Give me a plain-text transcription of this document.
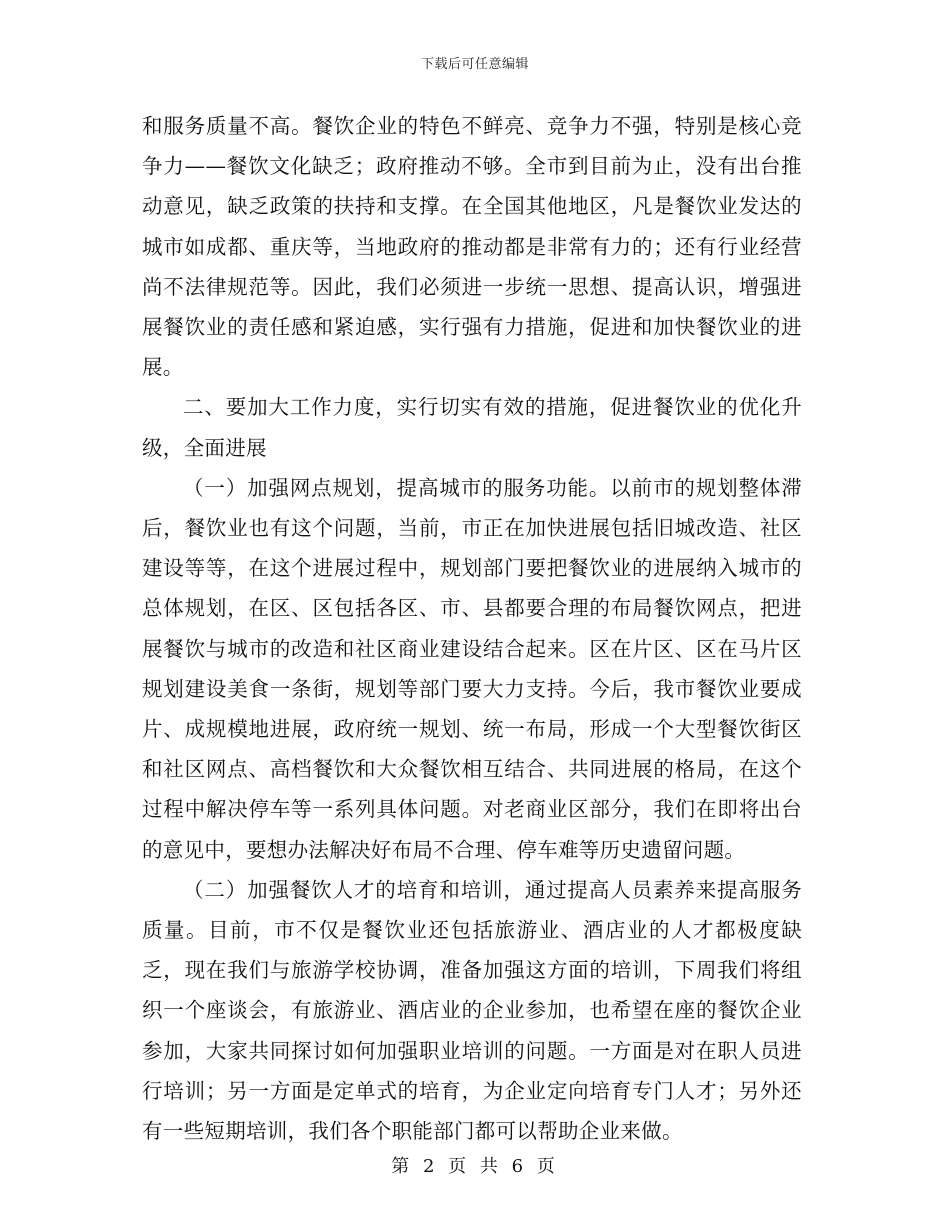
下载后可任意编辑

和服务质量不高。餐饮企业的特色不鲜亮、竞争力不强，特别是核心竞争力——餐饮文化缺乏；政府推动不够。全市到目前为止，没有出台推动意见，缺乏政策的扶持和支撑。在全国其他地区，凡是餐饮业发达的城市如成都、重庆等，当地政府的推动都是非常有力的；还有行业经营尚不法律规范等。因此，我们必须进一步统一思想、提高认识，增强进展餐饮业的责任感和紧迫感，实行强有力措施，促进和加快餐饮业的进展。

二、要加大工作力度，实行切实有效的措施，促进餐饮业的优化升级，全面进展

（一）加强网点规划，提高城市的服务功能。以前市的规划整体滞后，餐饮业也有这个问题，当前，市正在加快进展包括旧城改造、社区建设等等，在这个进展过程中，规划部门要把餐饮业的进展纳入城市的总体规划，在区、区包括各区、市、县都要合理的布局餐饮网点，把进展餐饮与城市的改造和社区商业建设结合起来。区在片区、区在马片区规划建设美食一条街，规划等部门要大力支持。今后，我市餐饮业要成片、成规模地进展，政府统一规划、统一布局，形成一个大型餐饮街区和社区网点、高档餐饮和大众餐饮相互结合、共同进展的格局，在这个过程中解决停车等一系列具体问题。对老商业区部分，我们在即将出台的意见中，要想办法解决好布局不合理、停车难等历史遗留问题。

（二）加强餐饮人才的培育和培训，通过提高人员素养来提高服务质量。目前，市不仅是餐饮业还包括旅游业、酒店业的人才都极度缺乏，现在我们与旅游学校协调，准备加强这方面的培训，下周我们将组织一个座谈会，有旅游业、酒店业的企业参加，也希望在座的餐饮企业参加，大家共同探讨如何加强职业培训的问题。一方面是对在职人员进行培训；另一方面是定单式的培育，为企业定向培育专门人才；另外还有一些短期培训，我们各个职能部门都可以帮助企业来做。

第 2 页 共 6 页
